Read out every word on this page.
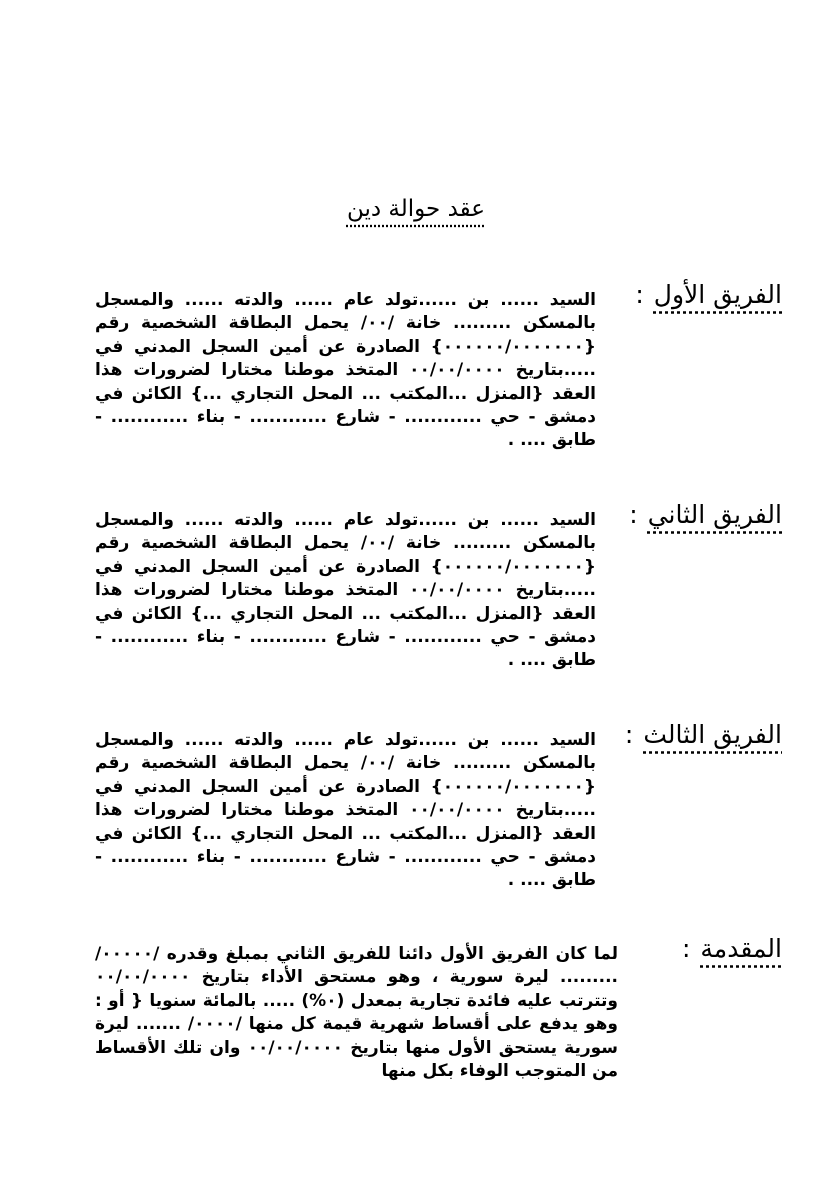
عقد حوالة دين
الفريق الأول:
السيد ...... بن ......تولد عام ...... والدته ...... والمسجل بالمسكن ......... خانة /٠٠/ يحمل البطاقة الشخصية رقم {٠٠٠٠٠٠/٠٠٠٠٠٠٠} الصادرة عن أمين السجل المدني في .....بتاريخ ٠٠/٠٠/٠٠٠٠ المتخذ موطنا مختارا لضرورات هذا العقد {المنزل ...المكتب ... المحل التجاري ...} الكائن في دمشق - حي ............ - شارع ............ - بناء ............ - طابق .... .
الفريق الثاني:
السيد ...... بن ......تولد عام ...... والدته ...... والمسجل بالمسكن ......... خانة /٠٠/ يحمل البطاقة الشخصية رقم {٠٠٠٠٠٠/٠٠٠٠٠٠٠} الصادرة عن أمين السجل المدني في .....بتاريخ ٠٠/٠٠/٠٠٠٠ المتخذ موطنا مختارا لضرورات هذا العقد {المنزل ...المكتب ... المحل التجاري ...} الكائن في دمشق - حي ............ - شارع ............ - بناء ............ - طابق .... .
الفريق الثالث:
السيد ...... بن ......تولد عام ...... والدته ...... والمسجل بالمسكن ......... خانة /٠٠/ يحمل البطاقة الشخصية رقم {٠٠٠٠٠٠/٠٠٠٠٠٠٠} الصادرة عن أمين السجل المدني في .....بتاريخ ٠٠/٠٠/٠٠٠٠ المتخذ موطنا مختارا لضرورات هذا العقد {المنزل ...المكتب ... المحل التجاري ...} الكائن في دمشق - حي ............ - شارع ............ - بناء ............ - طابق .... .
المقدمة:
لما كان الفريق الأول دائنا للفريق الثاني بمبلغ وقدره /٠٠٠٠٠/ ......... ليرة سورية ، وهو مستحق الأداء بتاريخ ٠٠/٠٠/٠٠٠٠ وتترتب عليه فائدة تجارية بمعدل (٠%) ..... بالمائة سنويا { أو : وهو يدفع على أقساط شهرية قيمة كل منها /٠٠٠٠/ ....... ليرة سورية يستحق الأول منها بتاريخ ٠٠/٠٠/٠٠٠٠ وان تلك الأقساط من المتوجب الوفاء بكل منها
